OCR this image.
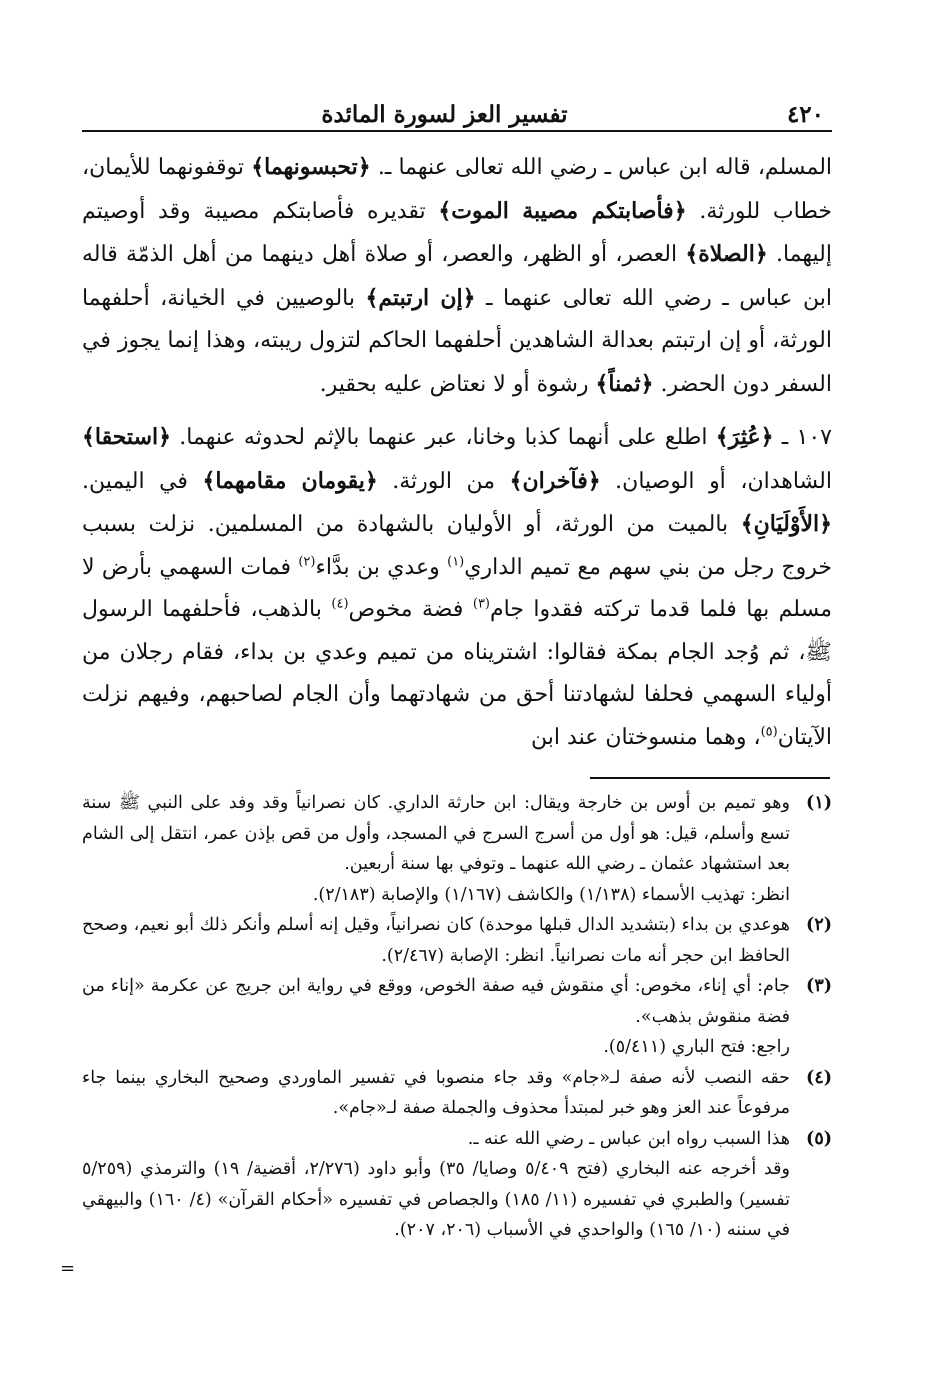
٤٢٠
تفسير العز لسورة المائدة

المسلم، قاله ابن عباس ـ رضي الله تعالى عنهما ـ. ﴿تحبسونهما﴾ توقفونهما للأيمان، خطاب للورثة. ﴿فأصابتكم مصيبة الموت﴾ تقديره فأصابتكم مصيبة وقد أوصيتم إليهما. ﴿الصلاة﴾ العصر، أو الظهر، والعصر، أو صلاة أهل دينهما من أهل الذمّة قاله ابن عباس ـ رضي الله تعالى عنهما ـ ﴿إن ارتبتم﴾ بالوصيين في الخيانة، أحلفهما الورثة، أو إن ارتبتم بعدالة الشاهدين أحلفهما الحاكم لتزول ريبته، وهذا إنما يجوز في السفر دون الحضر. ﴿ثمناً﴾ رشوة أو لا نعتاض عليه بحقير.

١٠٧ ـ ﴿عُثِرَ﴾ اطلع على أنهما كذبا وخانا، عبر عنهما بالإثم لحدوثه عنهما. ﴿استحقا﴾ الشاهدان، أو الوصيان. ﴿فآخران﴾ من الورثة. ﴿يقومان مقامهما﴾ في اليمين. ﴿الأَوْلَيَانِ﴾ بالميت من الورثة، أو الأوليان بالشهادة من المسلمين. نزلت بسبب خروج رجل من بني سهم مع تميم الداري$^{(١)}$ وعدي بن بدَّاء$^{(٢)}$ فمات السهمي بأرض لا مسلم بها فلما قدما تركته فقدوا جام$^{(٣)}$ فضة مخوص$^{(٤)}$ بالذهب، فأحلفهما الرسول ﷺ، ثم وُجد الجام بمكة فقالوا: اشتريناه من تميم وعدي بن بداء، فقام رجلان من أولياء السهمي فحلفا لشهادتنا أحق من شهادتهما وأن الجام لصاحبهم، وفيهم نزلت الآيتان$^{(٥)}$، وهما منسوختان عند ابن

(١)
وهو تميم بن أوس بن خارجة ويقال: ابن حارثة الداري. كان نصرانياً وقد وفد على النبي ﷺ سنة تسع وأسلم، قيل: هو أول من أسرج السرج في المسجد، وأول من قص بإذن عمر، انتقل إلى الشام بعد استشهاد عثمان ـ رضي الله عنهما ـ وتوفي بها سنة أربعين.
انظر: تهذيب الأسماء (١/١٣٨) والكاشف (١/١٦٧) والإصابة (٢/١٨٣).
(٢)
هوعدي بن بداء (بتشديد الدال قبلها موحدة) كان نصرانياً، وقيل إنه أسلم وأنكر ذلك أبو نعيم، وصحح الحافظ ابن حجر أنه مات نصرانياً. انظر: الإصابة (٢/٤٦٧).
(٣)
جام: أي إناء، مخوص: أي منقوش فيه صفة الخوص، ووقع في رواية ابن جريج عن عكرمة «إناء من فضة منقوش بذهب».
راجع: فتح الباري (٥/٤١١).
(٤)
حقه النصب لأنه صفة لـ«جام» وقد جاء منصوبا في تفسير الماوردي وصحيح البخاري بينما جاء مرفوعاً عند العز وهو خبر لمبتدأ محذوف والجملة صفة لـ«جام».
(٥)
هذا السبب رواه ابن عباس ـ رضي الله عنه ـ.
وقد أخرجه عنه البخاري (فتح ٥/٤٠٩ وصايا/ ٣٥) وأبو داود (٢/٢٧٦، أقضية/ ١٩) والترمذي (٥/٢٥٩ تفسير) والطبري في تفسيره (١١/ ١٨٥) والجصاص في تفسيره «أحكام القرآن» (٤/ ١٦٠) والبيهقي في سننه (١٠/ ١٦٥) والواحدي في الأسباب (٢٠٦، ٢٠٧).
=
